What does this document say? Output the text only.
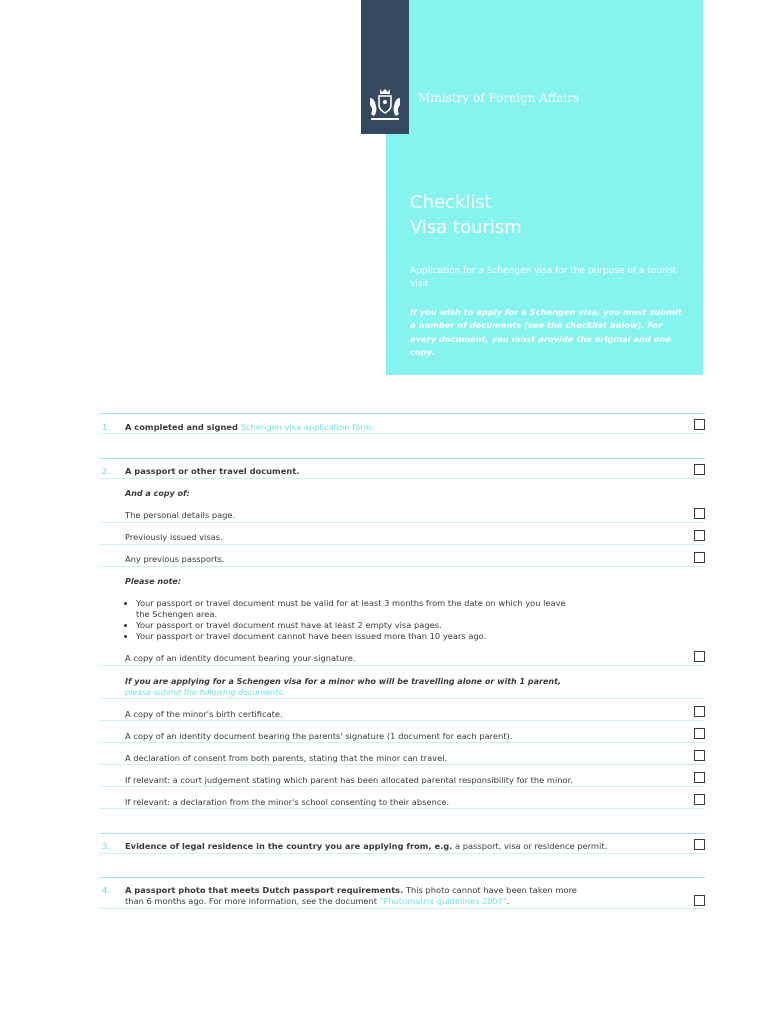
Ministry of Foreign Affairs
Checklist
Visa tourism

Application for a Schengen visa for the purpose of a tourist visit

If you wish to apply for a Schengen visa, you must submit a number of documents (see the checklist below). For every document, you must provide the original and one copy.

1. A completed and signed Schengen visa application form.
2. A passport or other travel document.
And a copy of:
The personal details page.
Previously issued visas.
Any previous passports.
Please note:
• Your passport or travel document must be valid for at least 3 months from the date on which you leave the Schengen area.
• Your passport or travel document must have at least 2 empty visa pages.
• Your passport or travel document cannot have been issued more than 10 years ago.
A copy of an identity document bearing your signature.
If you are applying for a Schengen visa for a minor who will be travelling alone or with 1 parent,
please submit the following documents:
A copy of the minor's birth certificate.
A copy of an identity document bearing the parents' signature (1 document for each parent).
A declaration of consent from both parents, stating that the minor can travel.
If relevant: a court judgement stating which parent has been allocated parental responsibility for the minor.
If relevant: a declaration from the minor's school consenting to their absence.
3. Evidence of legal residence in the country you are applying from, e.g. a passport, visa or residence permit.
4. A passport photo that meets Dutch passport requirements. This photo cannot have been taken more
than 6 months ago. For more information, see the document "Photomatrix guidelines 2007".
